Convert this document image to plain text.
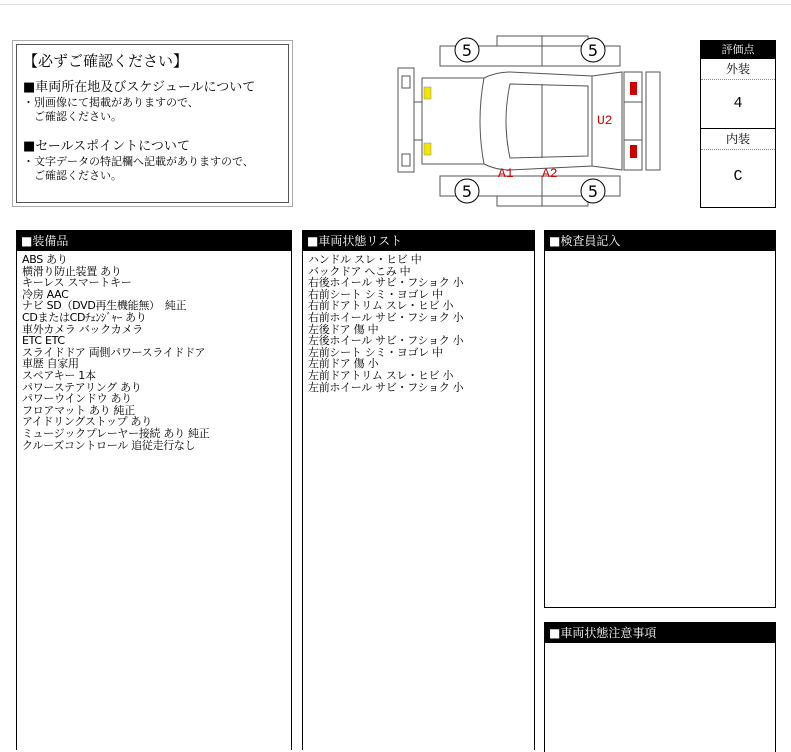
【必ずご確認ください】

■車両所在地及びスケジュールについて

・別画像にて掲載がありますので、

　ご確認ください。

■セールスポイントについて

・文字データの特記欄へ記載がありますので、

　ご確認ください。

5	5
5	5
U2
A1 A2
評価点
外装
4
内装
C
■装備品
ABS あり
横滑り防止装置 あり
キーレス スマートキー
冷房 AAC
ナビ SD（DVD再生機能無）　純正
CDまたはCDﾁｪﾝｼﾞｬｰ あり
車外カメラ バックカメラ
ETC ETC
スライドドア 両側パワースライドドア
車歴 自家用
スペアキー 1本
パワーステアリング あり
パワーウインドウ あり
フロアマット あり 純正
アイドリングストップ あり
ミュージックプレーヤー接続 あり 純正
クルーズコントロール 追従走行なし
■車両状態リスト
ハンドル スレ・ヒビ 中
バックドア へこみ 中
右後ホイール サビ・フショク 小
右前シート シミ・ヨゴレ 中
右前ドアトリム スレ・ヒビ 小
右前ホイール サビ・フショク 小
左後ドア 傷 中
左後ホイール サビ・フショク 小
左前シート シミ・ヨゴレ 中
左前ドア 傷 小
左前ドアトリム スレ・ヒビ 小
左前ホイール サビ・フショク 小
■検査員記入
■車両状態注意事項
